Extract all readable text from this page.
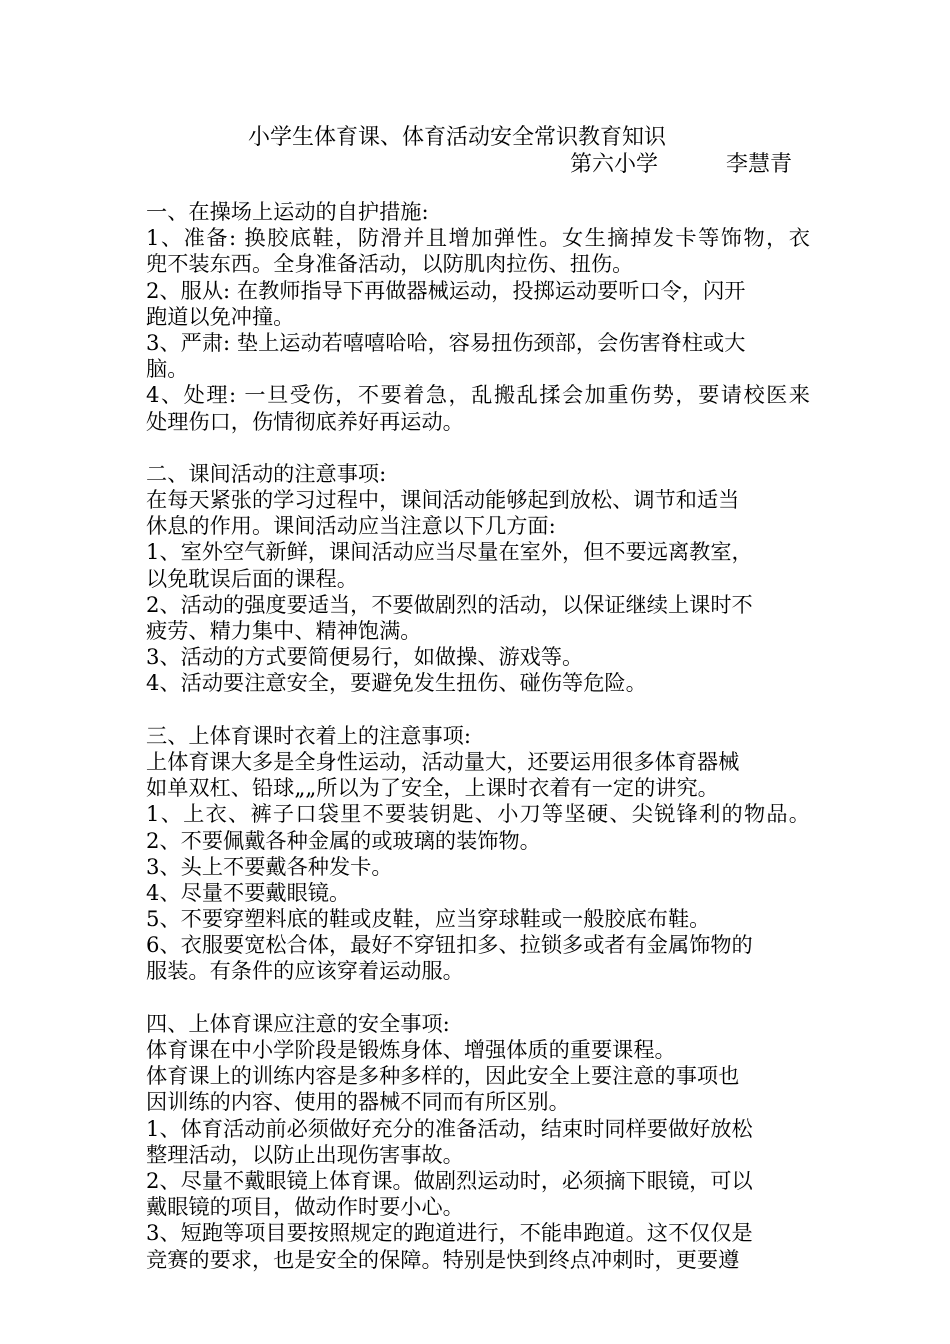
小学生体育课、体育活动安全常识教育知识
第六小学	李慧青
一、在操场上运动的自护措施:
1、准备: 换胶底鞋，防滑并且增加弹性。女生摘掉发卡等饰物，衣
兜不装东西。全身准备活动，以防肌肉拉伤、扭伤。
2、服从: 在教师指导下再做器械运动，投掷运动要听口令，闪开
跑道以免冲撞。
3、严肃: 垫上运动若嘻嘻哈哈，容易扭伤颈部，会伤害脊柱或大
脑。
4、处理: 一旦受伤，不要着急，乱搬乱揉会加重伤势，要请校医来
处理伤口，伤情彻底养好再运动。
二、课间活动的注意事项:
在每天紧张的学习过程中，课间活动能够起到放松、调节和适当
休息的作用。课间活动应当注意以下几方面:
1、室外空气新鲜，课间活动应当尽量在室外，但不要远离教室，
以免耽误后面的课程。
2、活动的强度要适当，不要做剧烈的活动，以保证继续上课时不
疲劳、精力集中、精神饱满。
3、活动的方式要简便易行，如做操、游戏等。
4、活动要注意安全，要避免发生扭伤、碰伤等危险。
三、上体育课时衣着上的注意事项:
上体育课大多是全身性运动，活动量大，还要运用很多体育器械
如单双杠、铅球„„所以为了安全，上课时衣着有一定的讲究。
1、上衣、裤子口袋里不要装钥匙、小刀等坚硬、尖锐锋利的物品。
2、不要佩戴各种金属的或玻璃的装饰物。
3、头上不要戴各种发卡。
4、尽量不要戴眼镜。
5、不要穿塑料底的鞋或皮鞋，应当穿球鞋或一般胶底布鞋。
6、衣服要宽松合体，最好不穿钮扣多、拉锁多或者有金属饰物的
服装。有条件的应该穿着运动服。
四、上体育课应注意的安全事项:
体育课在中小学阶段是锻炼身体、增强体质的重要课程。
体育课上的训练内容是多种多样的，因此安全上要注意的事项也
因训练的内容、使用的器械不同而有所区别。
1、体育活动前必须做好充分的准备活动，结束时同样要做好放松
整理活动，以防止出现伤害事故。
2、尽量不戴眼镜上体育课。做剧烈运动时，必须摘下眼镜，可以
戴眼镜的项目，做动作时要小心。
3、短跑等项目要按照规定的跑道进行，不能串跑道。这不仅仅是
竞赛的要求，也是安全的保障。特别是快到终点冲刺时，更要遵
